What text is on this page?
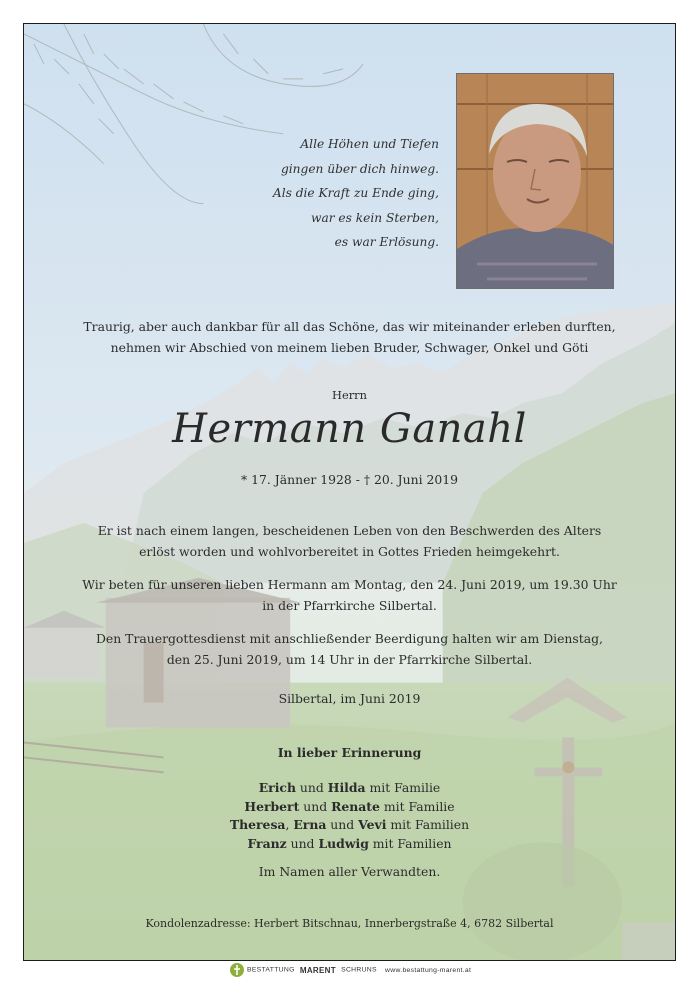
Alle Höhen und Tiefen
gingen über dich hinweg.
Als die Kraft zu Ende ging,
war es kein Sterben,
es war Erlösung.
Traurig, aber auch dankbar für all das Schöne, das wir miteinander erleben durften,
nehmen wir Abschied von meinem lieben Bruder, Schwager, Onkel und Göti
Herrn
Hermann Ganahl
* 17. Jänner 1928 - † 20. Juni 2019
Er ist nach einem langen, bescheidenen Leben von den Beschwerden des Alters
erlöst worden und wohlvorbereitet in Gottes Frieden heimgekehrt.
Wir beten für unseren lieben Hermann am Montag, den 24. Juni 2019, um 19.30 Uhr
in der Pfarrkirche Silbertal.
Den Trauergottesdienst mit anschließender Beerdigung halten wir am Dienstag,
den 25. Juni 2019, um 14 Uhr in der Pfarrkirche Silbertal.
Silbertal, im Juni 2019
In lieber Erinnerung
Erich und Hilda mit Familie
Herbert und Renate mit Familie
Theresa, Erna und Vevi mit Familien
Franz und Ludwig mit Familien
Im Namen aller Verwandten.
Kondolenzadresse: Herbert Bitschnau, Innerbergstraße 4, 6782 Silbertal
BESTATTUNG MARENT SCHRUNS www.bestattung-marent.at
